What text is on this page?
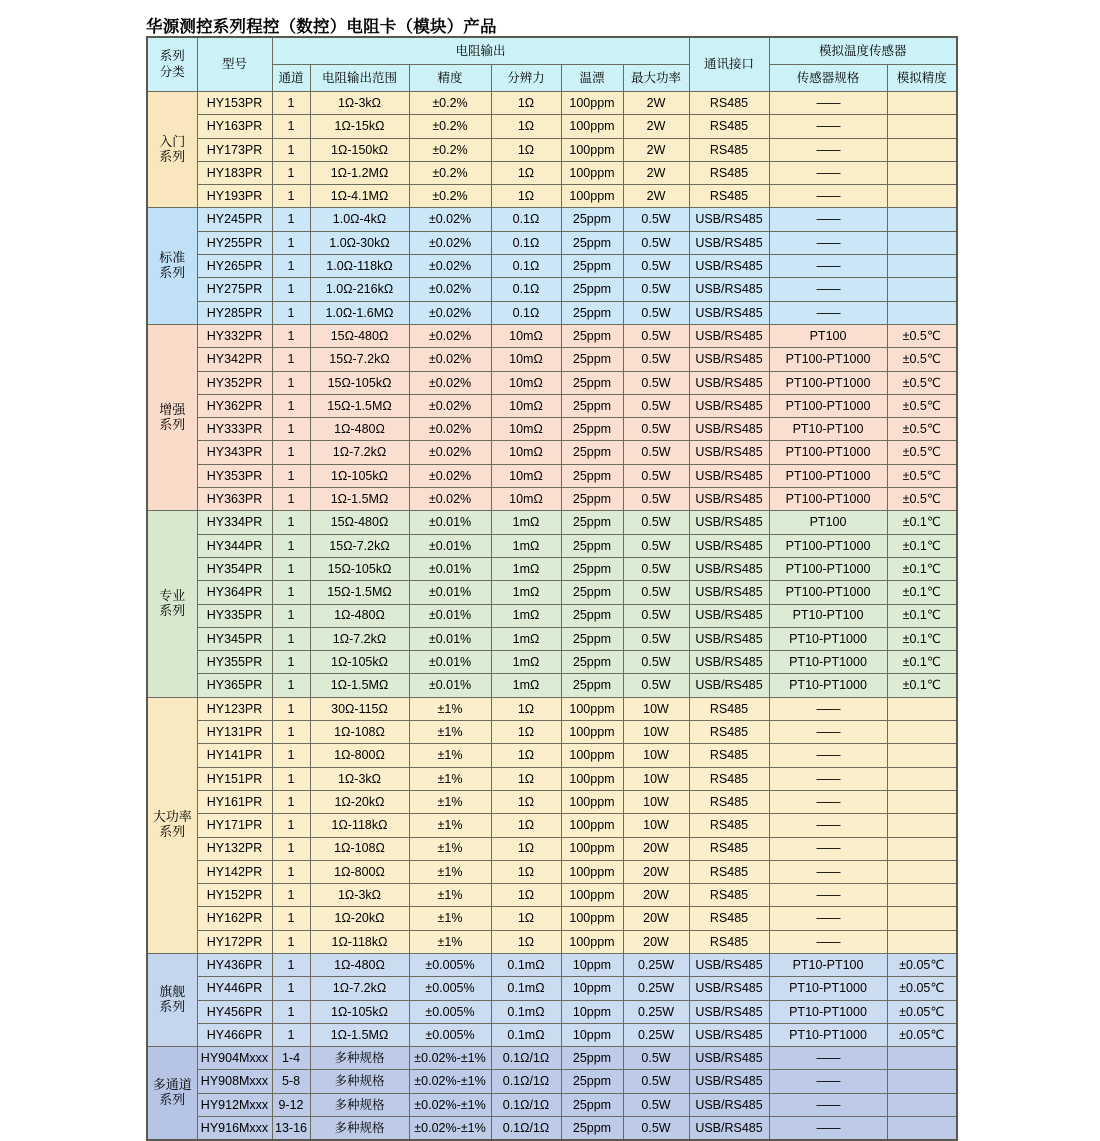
华源测控系列程控（数控）电阻卡（模块）产品
系列
分类	型号	电阻输出						通讯接口	模拟温度传感器	
		通道	电阻输出范围	精度	分辨力	温漂	最大功率		传感器规格	模拟精度

入门
系列	HY153PR	1	1Ω-3kΩ	±0.2%	1Ω	100ppm	2W	RS485	——	
	HY163PR	1	1Ω-15kΩ	±0.2%	1Ω	100ppm	2W	RS485	——	
	HY173PR	1	1Ω-150kΩ	±0.2%	1Ω	100ppm	2W	RS485	——	
	HY183PR	1	1Ω-1.2MΩ	±0.2%	1Ω	100ppm	2W	RS485	——	
	HY193PR	1	1Ω-4.1MΩ	±0.2%	1Ω	100ppm	2W	RS485	——	

标准
系列	HY245PR	1	1.0Ω-4kΩ	±0.02%	0.1Ω	25ppm	0.5W	USB/RS485	——	
	HY255PR	1	1.0Ω-30kΩ	±0.02%	0.1Ω	25ppm	0.5W	USB/RS485	——	
	HY265PR	1	1.0Ω-118kΩ	±0.02%	0.1Ω	25ppm	0.5W	USB/RS485	——	
	HY275PR	1	1.0Ω-216kΩ	±0.02%	0.1Ω	25ppm	0.5W	USB/RS485	——	
	HY285PR	1	1.0Ω-1.6MΩ	±0.02%	0.1Ω	25ppm	0.5W	USB/RS485	——	

增强
系列	HY332PR	1	15Ω-480Ω	±0.02%	10mΩ	25ppm	0.5W	USB/RS485	PT100	±0.5℃
	HY342PR	1	15Ω-7.2kΩ	±0.02%	10mΩ	25ppm	0.5W	USB/RS485	PT100-PT1000	±0.5℃
	HY352PR	1	15Ω-105kΩ	±0.02%	10mΩ	25ppm	0.5W	USB/RS485	PT100-PT1000	±0.5℃
	HY362PR	1	15Ω-1.5MΩ	±0.02%	10mΩ	25ppm	0.5W	USB/RS485	PT100-PT1000	±0.5℃
	HY333PR	1	1Ω-480Ω	±0.02%	10mΩ	25ppm	0.5W	USB/RS485	PT10-PT100	±0.5℃
	HY343PR	1	1Ω-7.2kΩ	±0.02%	10mΩ	25ppm	0.5W	USB/RS485	PT100-PT1000	±0.5℃
	HY353PR	1	1Ω-105kΩ	±0.02%	10mΩ	25ppm	0.5W	USB/RS485	PT100-PT1000	±0.5℃
	HY363PR	1	1Ω-1.5MΩ	±0.02%	10mΩ	25ppm	0.5W	USB/RS485	PT100-PT1000	±0.5℃

专业
系列	HY334PR	1	15Ω-480Ω	±0.01%	1mΩ	25ppm	0.5W	USB/RS485	PT100	±0.1℃
	HY344PR	1	15Ω-7.2kΩ	±0.01%	1mΩ	25ppm	0.5W	USB/RS485	PT100-PT1000	±0.1℃
	HY354PR	1	15Ω-105kΩ	±0.01%	1mΩ	25ppm	0.5W	USB/RS485	PT100-PT1000	±0.1℃
	HY364PR	1	15Ω-1.5MΩ	±0.01%	1mΩ	25ppm	0.5W	USB/RS485	PT100-PT1000	±0.1℃
	HY335PR	1	1Ω-480Ω	±0.01%	1mΩ	25ppm	0.5W	USB/RS485	PT10-PT100	±0.1℃
	HY345PR	1	1Ω-7.2kΩ	±0.01%	1mΩ	25ppm	0.5W	USB/RS485	PT10-PT1000	±0.1℃
	HY355PR	1	1Ω-105kΩ	±0.01%	1mΩ	25ppm	0.5W	USB/RS485	PT10-PT1000	±0.1℃
	HY365PR	1	1Ω-1.5MΩ	±0.01%	1mΩ	25ppm	0.5W	USB/RS485	PT10-PT1000	±0.1℃

大功率
系列	HY123PR	1	30Ω-115Ω	±1%	1Ω	100ppm	10W	RS485	——	
	HY131PR	1	1Ω-108Ω	±1%	1Ω	100ppm	10W	RS485	——	
	HY141PR	1	1Ω-800Ω	±1%	1Ω	100ppm	10W	RS485	——	
	HY151PR	1	1Ω-3kΩ	±1%	1Ω	100ppm	10W	RS485	——	
	HY161PR	1	1Ω-20kΩ	±1%	1Ω	100ppm	10W	RS485	——	
	HY171PR	1	1Ω-118kΩ	±1%	1Ω	100ppm	10W	RS485	——	
	HY132PR	1	1Ω-108Ω	±1%	1Ω	100ppm	20W	RS485	——	
	HY142PR	1	1Ω-800Ω	±1%	1Ω	100ppm	20W	RS485	——	
	HY152PR	1	1Ω-3kΩ	±1%	1Ω	100ppm	20W	RS485	——	
	HY162PR	1	1Ω-20kΩ	±1%	1Ω	100ppm	20W	RS485	——	
	HY172PR	1	1Ω-118kΩ	±1%	1Ω	100ppm	20W	RS485	——	

旗舰
系列	HY436PR	1	1Ω-480Ω	±0.005%	0.1mΩ	10ppm	0.25W	USB/RS485	PT10-PT100	±0.05℃
	HY446PR	1	1Ω-7.2kΩ	±0.005%	0.1mΩ	10ppm	0.25W	USB/RS485	PT10-PT1000	±0.05℃
	HY456PR	1	1Ω-105kΩ	±0.005%	0.1mΩ	10ppm	0.25W	USB/RS485	PT10-PT1000	±0.05℃
	HY466PR	1	1Ω-1.5MΩ	±0.005%	0.1mΩ	10ppm	0.25W	USB/RS485	PT10-PT1000	±0.05℃

多通道
系列	HY904Mxxx	1-4	多种规格	±0.02%-±1%	0.1Ω/1Ω	25ppm	0.5W	USB/RS485	——	
	HY908Mxxx	5-8	多种规格	±0.02%-±1%	0.1Ω/1Ω	25ppm	0.5W	USB/RS485	——	
	HY912Mxxx	9-12	多种规格	±0.02%-±1%	0.1Ω/1Ω	25ppm	0.5W	USB/RS485	——	
	HY916Mxxx	13-16	多种规格	±0.02%-±1%	0.1Ω/1Ω	25ppm	0.5W	USB/RS485	——	
